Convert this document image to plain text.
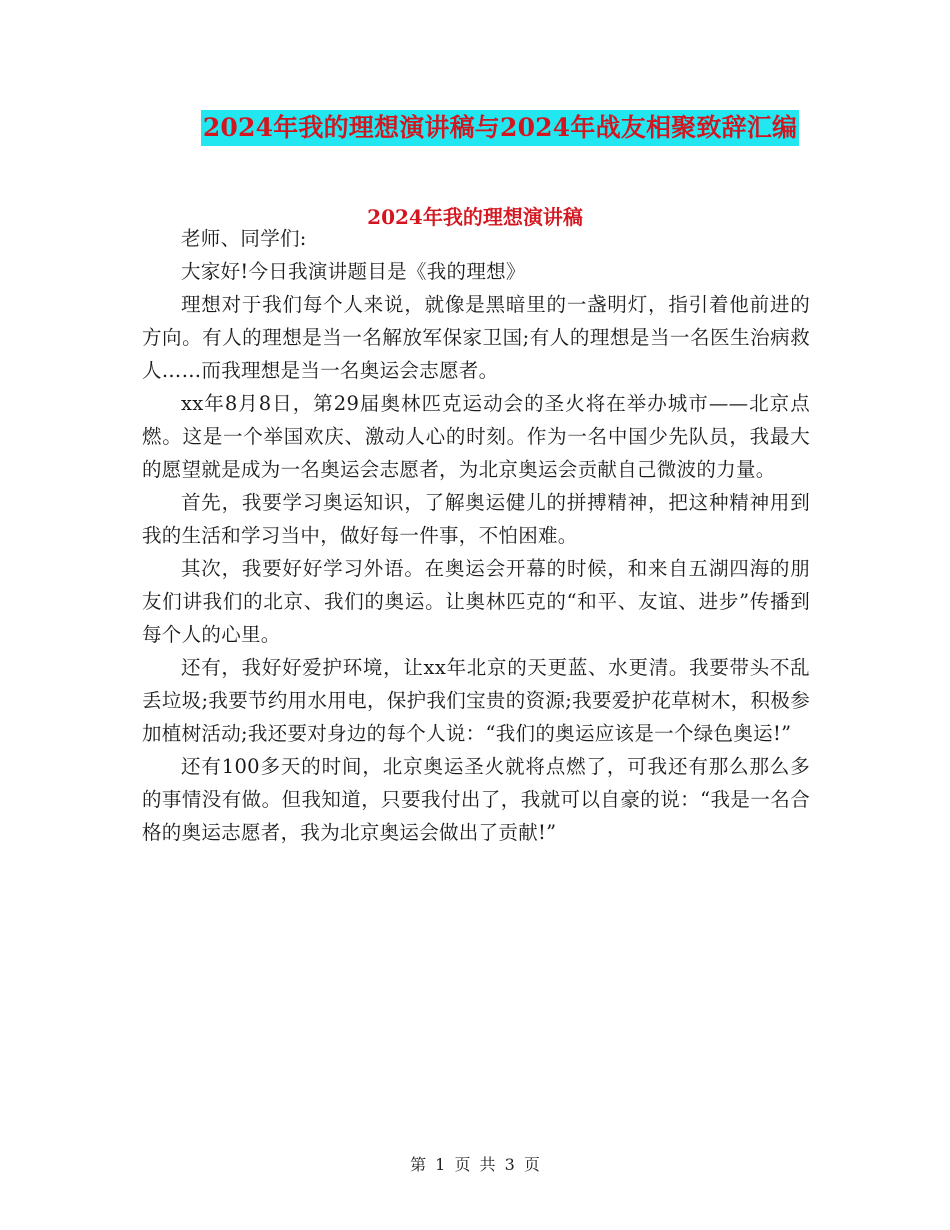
2024年我的理想演讲稿与2024年战友相聚致辞汇编
2024年我的理想演讲稿

老师、同学们:

大家好!今日我演讲题目是《我的理想》

理想对于我们每个人来说，就像是黑暗里的一盏明灯，指引着他前进的方向。有人的理想是当一名解放军保家卫国;有人的理想是当一名医生治病救人……而我理想是当一名奥运会志愿者。

xx年8月8日，第29届奥林匹克运动会的圣火将在举办城市——北京点燃。这是一个举国欢庆、激动人心的时刻。作为一名中国少先队员，我最大的愿望就是成为一名奥运会志愿者，为北京奥运会贡献自己微波的力量。

首先，我要学习奥运知识，了解奥运健儿的拼搏精神，把这种精神用到我的生活和学习当中，做好每一件事，不怕困难。

其次，我要好好学习外语。在奥运会开幕的时候，和来自五湖四海的朋友们讲我们的北京、我们的奥运。让奥林匹克的“和平、友谊、进步”传播到每个人的心里。

还有，我好好爱护环境，让xx年北京的天更蓝、水更清。我要带头不乱丢垃圾;我要节约用水用电，保护我们宝贵的资源;我要爱护花草树木，积极参加植树活动;我还要对身边的每个人说：“我们的奥运应该是一个绿色奥运!”

还有100多天的时间，北京奥运圣火就将点燃了，可我还有那么那么多的事情没有做。但我知道，只要我付出了，我就可以自豪的说：“我是一名合格的奥运志愿者，我为北京奥运会做出了贡献!”

第 1 页 共 3 页
